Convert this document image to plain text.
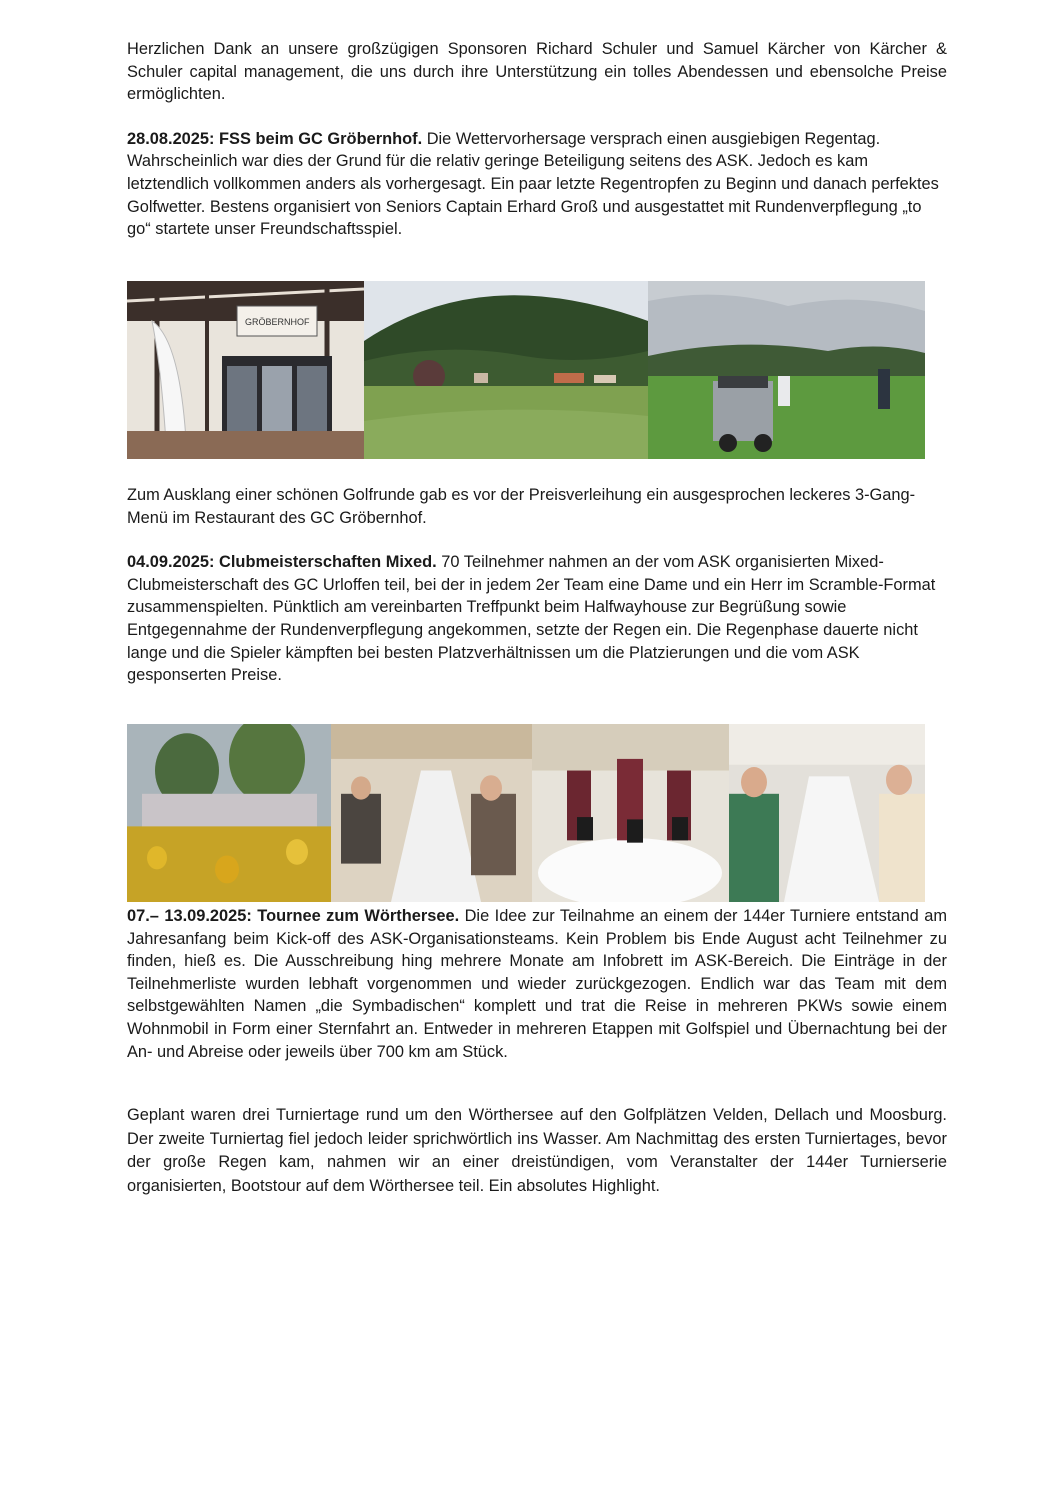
Herzlichen Dank an unsere großzügigen Sponsoren Richard Schuler und Samuel Kärcher von Kärcher & Schuler capital management, die uns durch ihre Unterstützung ein tolles Abendessen und ebensolche Preise ermöglichten.

28.08.2025: FSS beim GC Gröbernhof. Die Wettervorhersage versprach einen ausgiebigen Regentag. Wahrscheinlich war dies der Grund für die relativ geringe Beteiligung seitens des ASK. Jedoch es kam letztendlich vollkommen anders als vorhergesagt. Ein paar letzte Regentropfen zu Beginn und danach perfektes Golfwetter. Bestens organisiert von Seniors Captain Erhard Groß und ausgestattet mit Rundenverpflegung „to go“ startete unser Freundschaftsspiel.

GRÖBERNHOF

Zum Ausklang einer schönen Golfrunde gab es vor der Preisverleihung ein ausgesprochen leckeres 3-Gang-Menü im Restaurant des GC Gröbernhof.

04.09.2025: Clubmeisterschaften Mixed. 70 Teilnehmer nahmen an der vom ASK organisierten Mixed-Clubmeisterschaft des GC Urloffen teil, bei der in jedem 2er Team eine Dame und ein Herr im Scramble-Format zusammenspielten. Pünktlich am vereinbarten Treffpunkt beim Halfwayhouse zur Begrüßung sowie Entgegennahme der Rundenverpflegung angekommen, setzte der Regen ein. Die Regenphase dauerte nicht lange und die Spieler kämpften bei besten Platzverhältnissen um die Platzierungen und die vom ASK gesponserten Preise.

07.– 13.09.2025: Tournee zum Wörthersee. Die Idee zur Teilnahme an einem der 144er Turniere entstand am Jahresanfang beim Kick-off des ASK-Organisationsteams. Kein Problem bis Ende August acht Teilnehmer zu finden, hieß es. Die Ausschreibung hing mehrere Monate am Infobrett im ASK-Bereich. Die Einträge in der Teilnehmerliste wurden lebhaft vorgenommen und wieder zurückgezogen. Endlich war das Team mit dem selbstgewählten Namen „die Symbadischen“ komplett und trat die Reise in mehreren PKWs sowie einem Wohnmobil in Form einer Sternfahrt an. Entweder in mehreren Etappen mit Golfspiel und Übernachtung bei der An- und Abreise oder jeweils über 700 km am Stück.

Geplant waren drei Turniertage rund um den Wörthersee auf den Golfplätzen Velden, Dellach und Moosburg. Der zweite Turniertag fiel jedoch leider sprichwörtlich ins Wasser. Am Nachmittag des ersten Turniertages, bevor der große Regen kam, nahmen wir an einer dreistündigen, vom Veranstalter der 144er Turnierserie organisierten, Bootstour auf dem Wörthersee teil. Ein absolutes Highlight.
